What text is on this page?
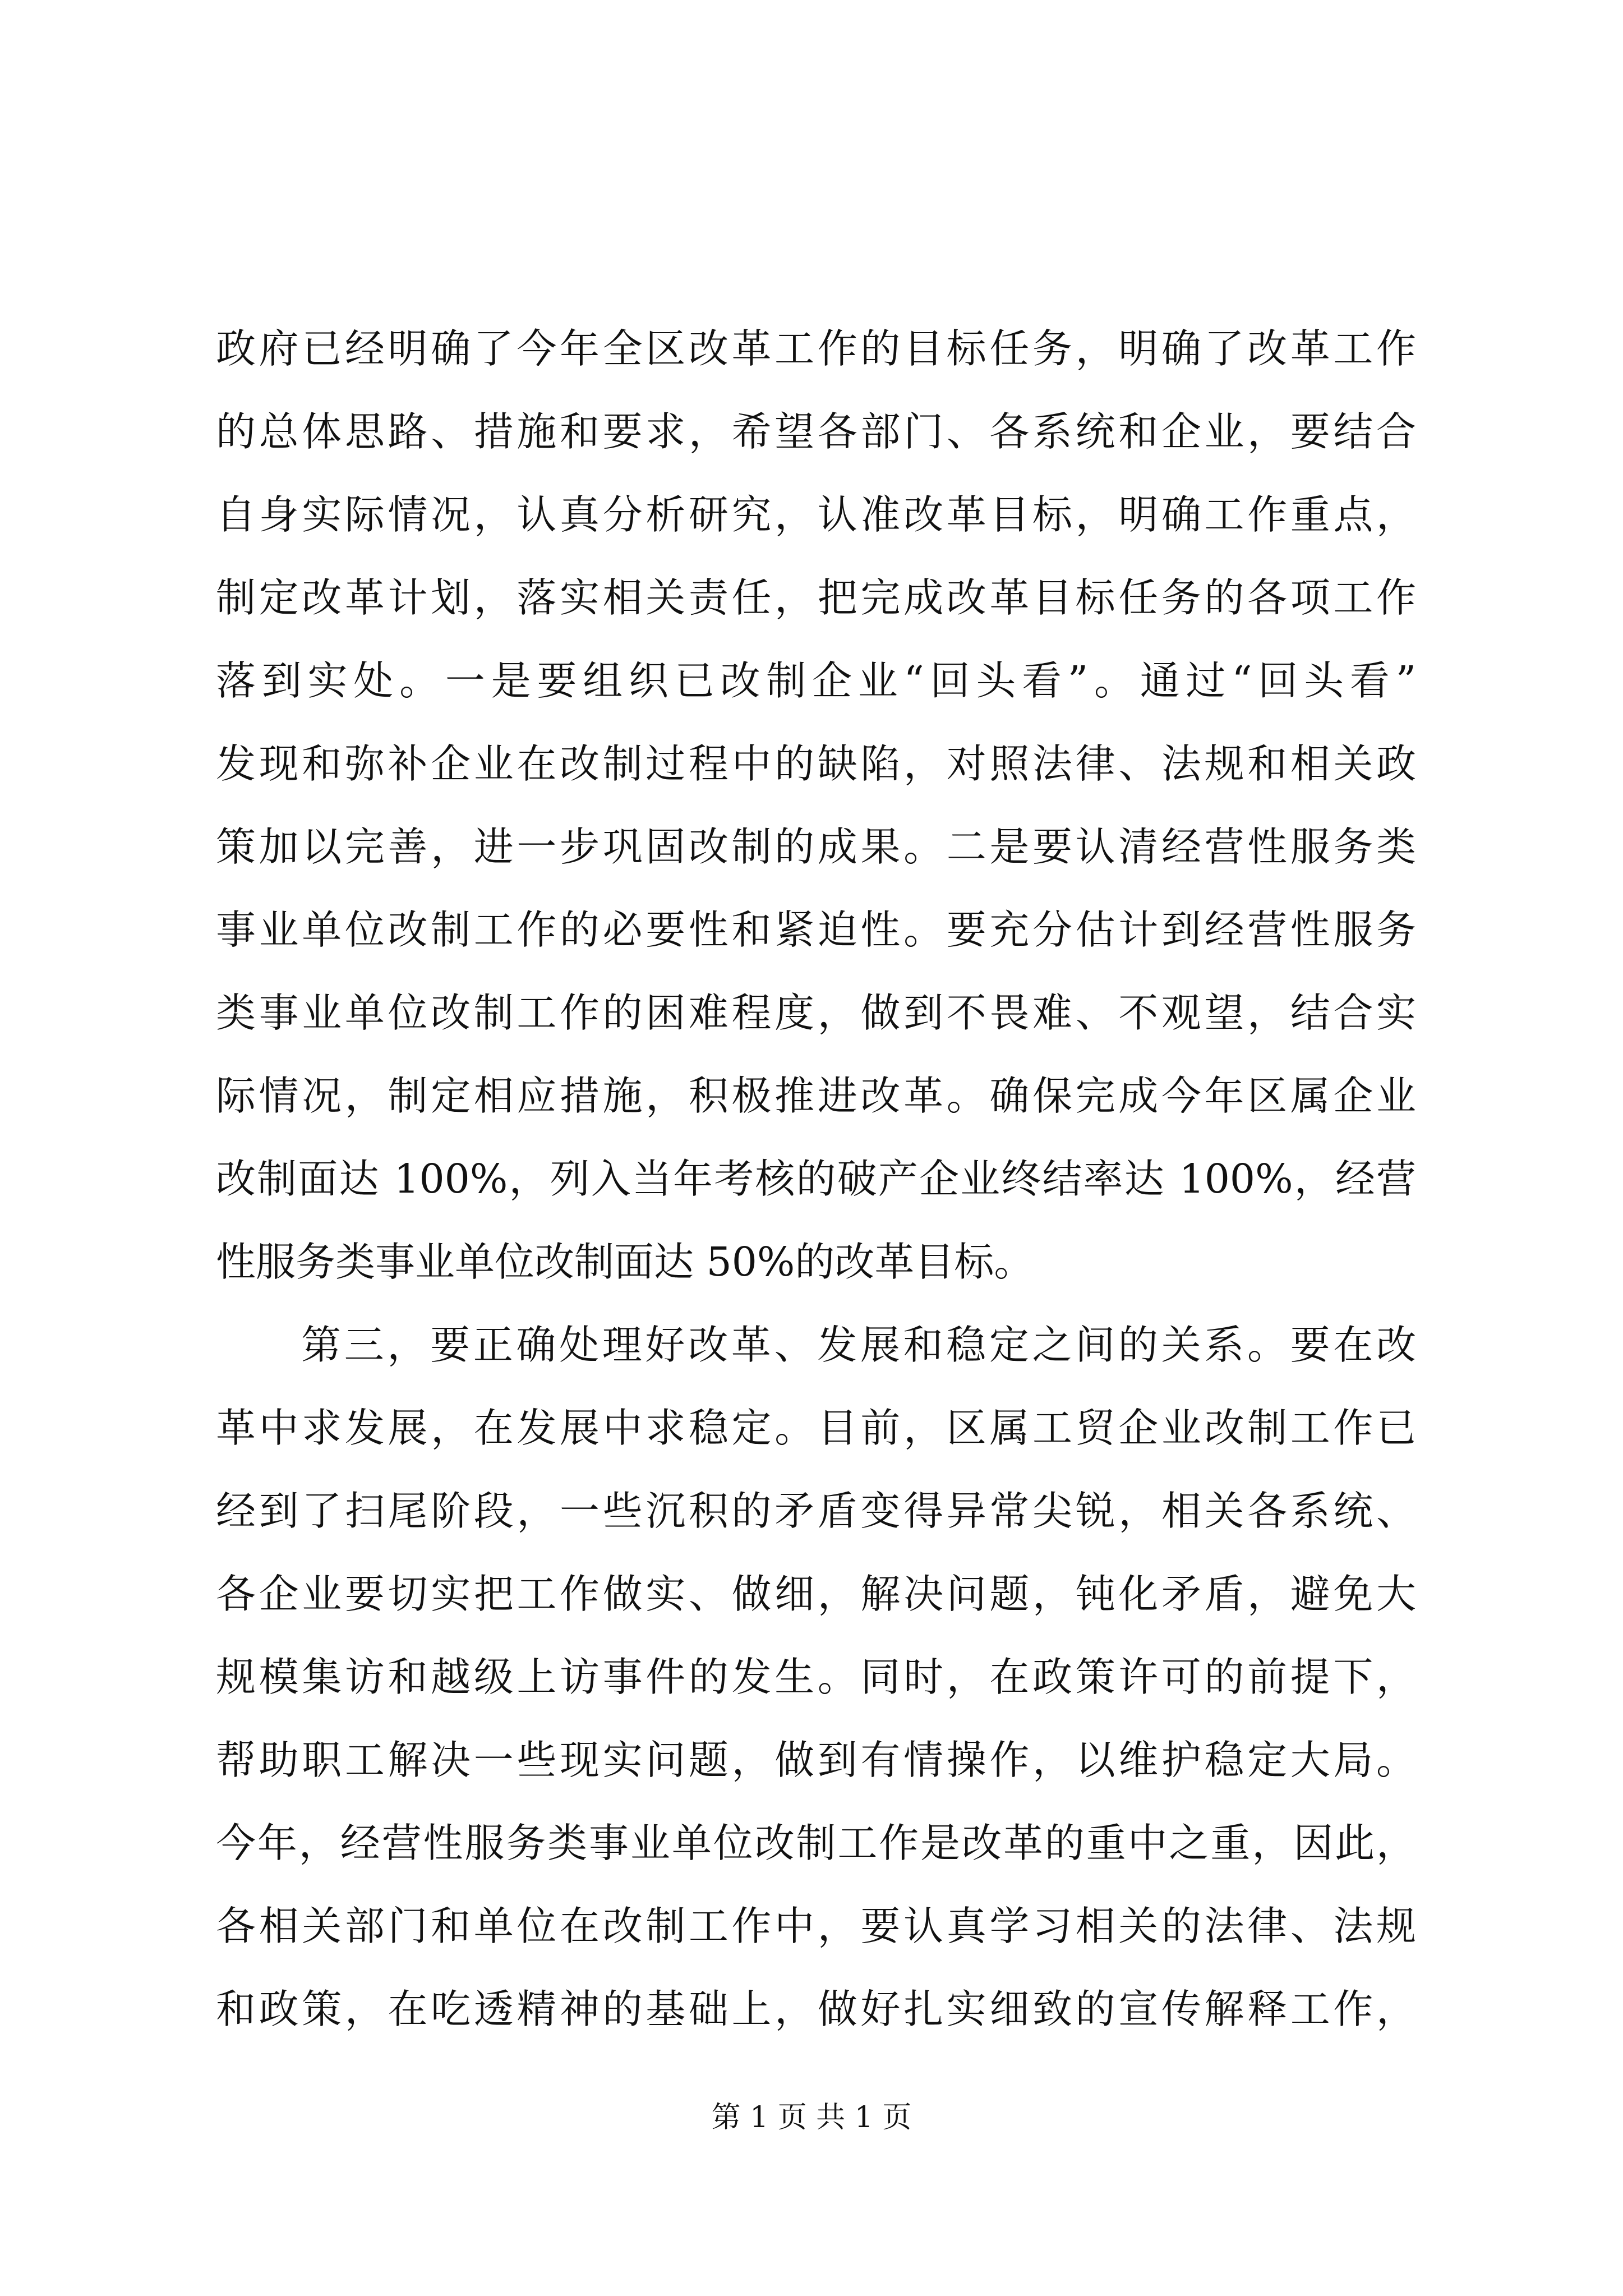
政府已经明确了今年全区改革工作的目标任务，明确了改革工作
的总体思路、措施和要求，希望各部门、各系统和企业，要结合
自身实际情况，认真分析研究，认准改革目标，明确工作重点，
制定改革计划，落实相关责任，把完成改革目标任务的各项工作
落到实处。一是要组织已改制企业“回头看”。通过“回头看”
发现和弥补企业在改制过程中的缺陷，对照法律、法规和相关政
策加以完善，进一步巩固改制的成果。二是要认清经营性服务类
事业单位改制工作的必要性和紧迫性。要充分估计到经营性服务
类事业单位改制工作的困难程度，做到不畏难、不观望，结合实
际情况，制定相应措施，积极推进改革。确保完成今年区属企业
改制面达 100%，列入当年考核的破产企业终结率达 100%，经营
性服务类事业单位改制面达 50%的改革目标。
第三，要正确处理好改革、发展和稳定之间的关系。要在改
革中求发展，在发展中求稳定。目前，区属工贸企业改制工作已
经到了扫尾阶段，一些沉积的矛盾变得异常尖锐，相关各系统、
各企业要切实把工作做实、做细，解决问题，钝化矛盾，避免大
规模集访和越级上访事件的发生。同时，在政策许可的前提下，
帮助职工解决一些现实问题，做到有情操作，以维护稳定大局。
今年，经营性服务类事业单位改制工作是改革的重中之重，因此，
各相关部门和单位在改制工作中，要认真学习相关的法律、法规
和政策，在吃透精神的基础上，做好扎实细致的宣传解释工作，
第 1 页 共 1 页
